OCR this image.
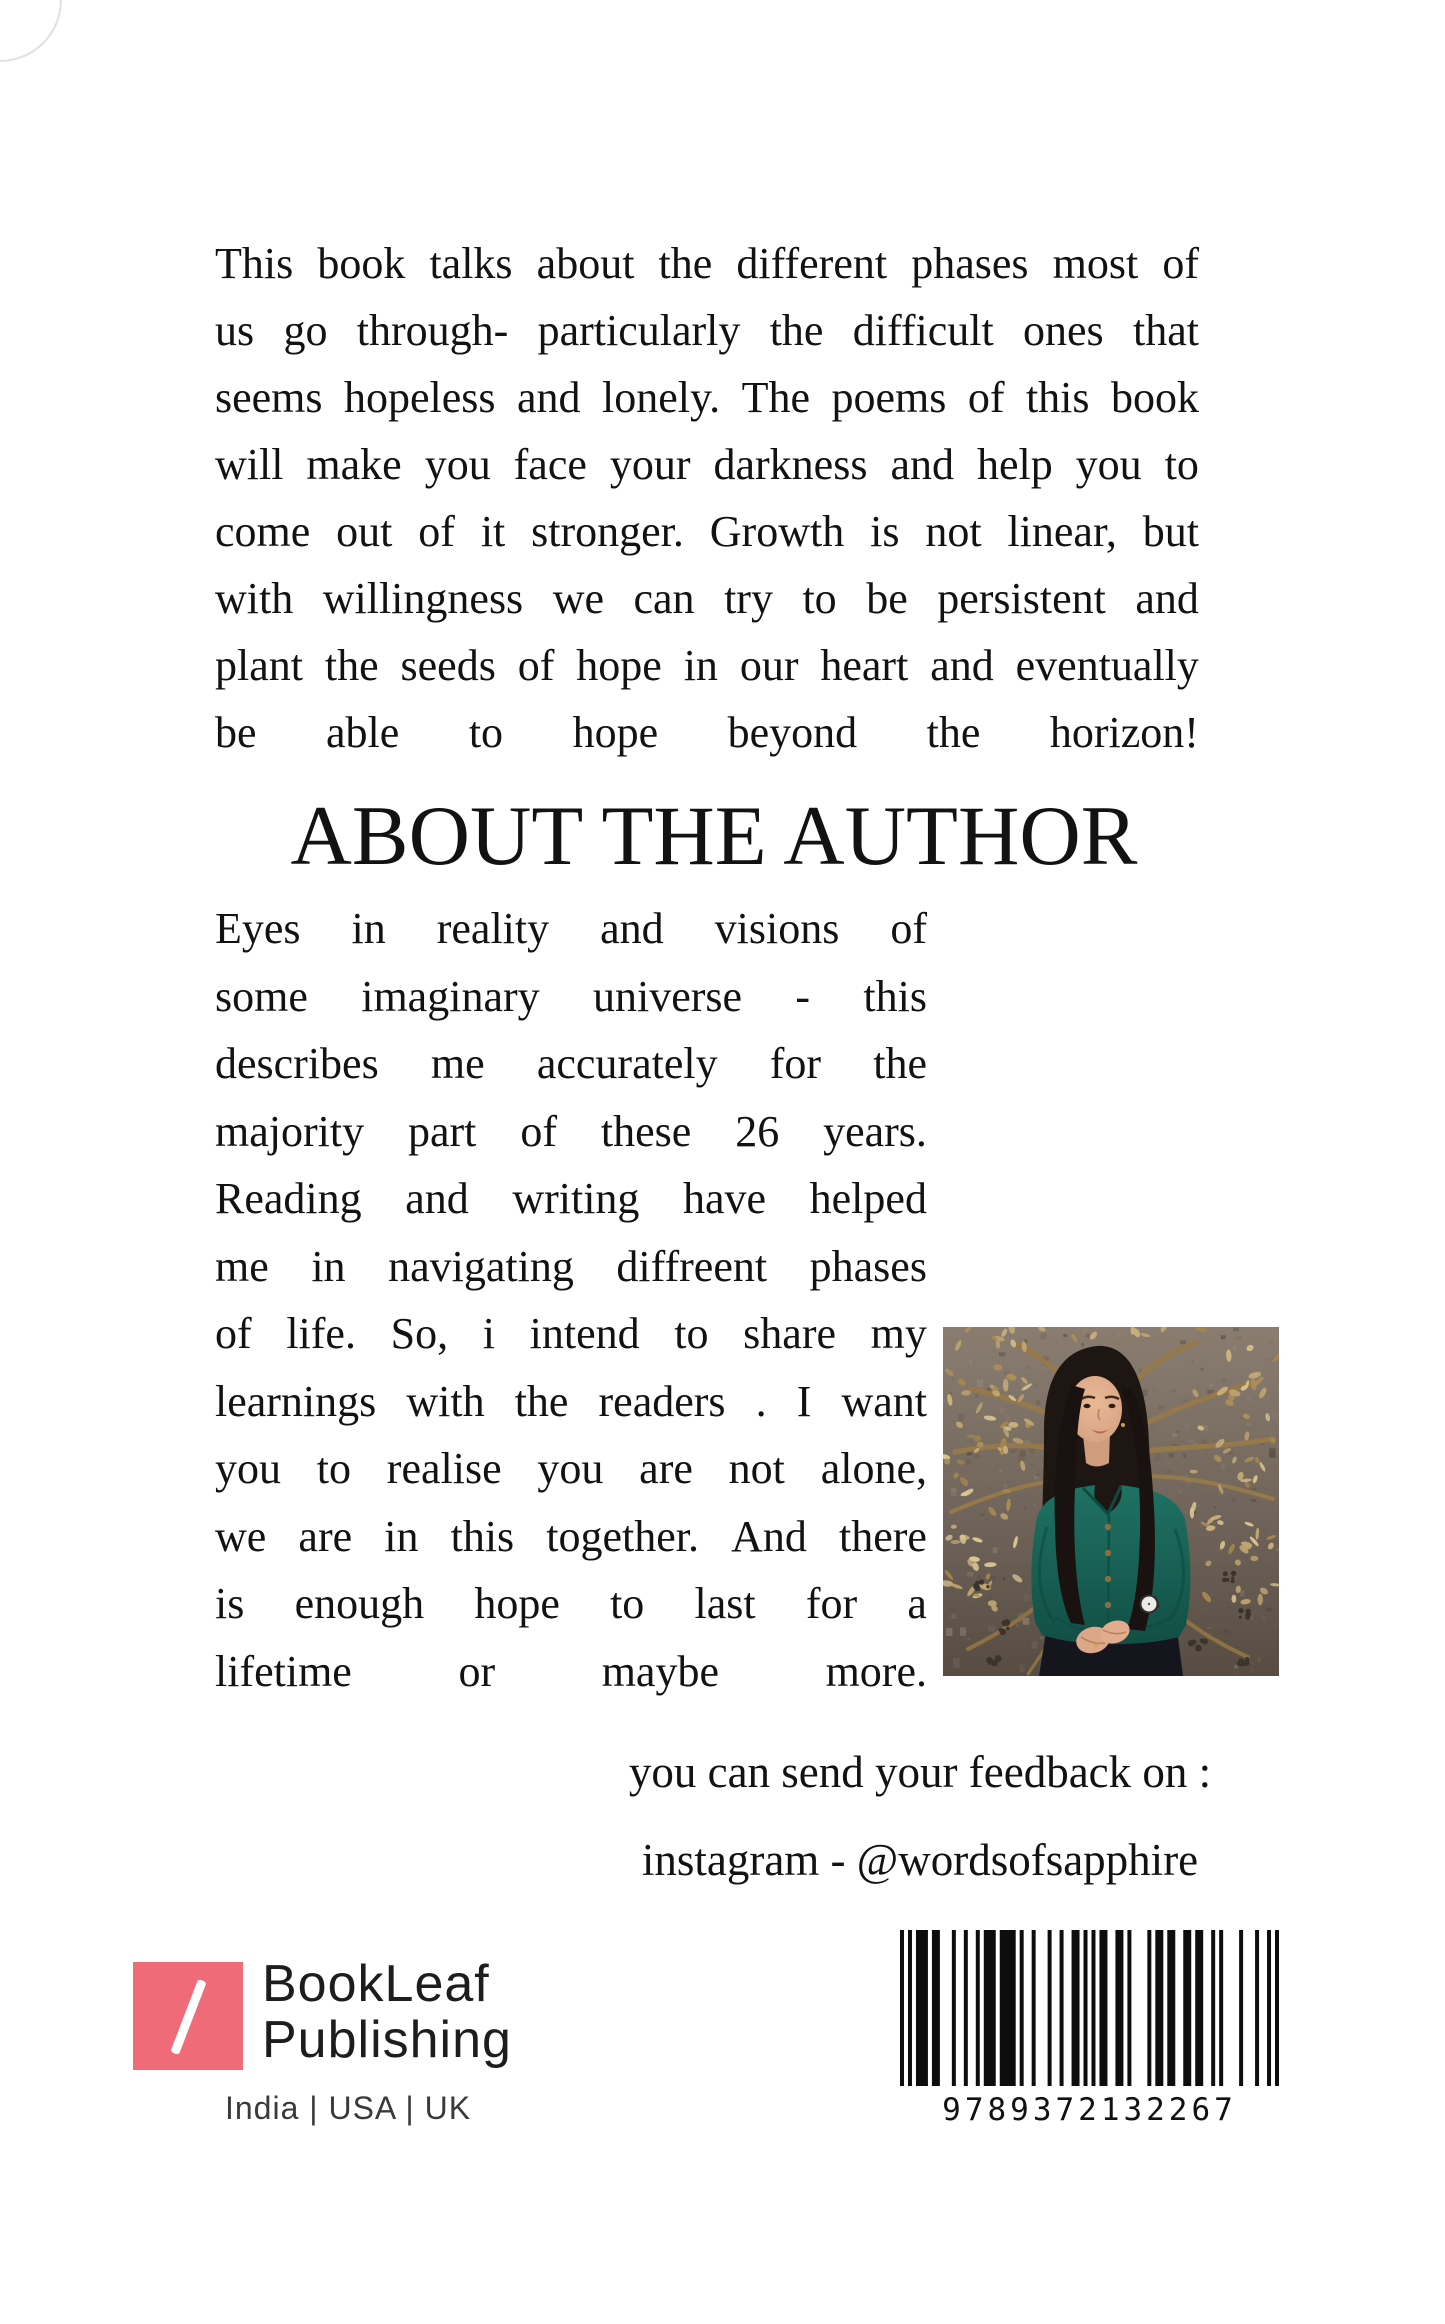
This book talks about the different phases most of
us go through- particularly the difficult ones that
seems hopeless and lonely. The poems of this book
will make you face your darkness and help you to
come out of it stronger. Growth is not linear, but
with willingness we can try to be persistent and
plant the seeds of hope in our heart and eventually
be able to hope beyond the horizon!
ABOUT THE AUTHOR
Eyes in reality and visions of
some imaginary universe - this
describes me accurately for the
majority part of these 26 years.
Reading and writing have helped
me in navigating diffreent phases
of life. So, i intend to share my
learnings with the readers . I want
you to realise you are not alone,
we are in this together. And there
is enough hope to last for a
lifetime or maybe more.
you can send your feedback on :
instagram - @wordsofsapphire
BookLeaf
Publishing
India | USA | UK	9789372132267
